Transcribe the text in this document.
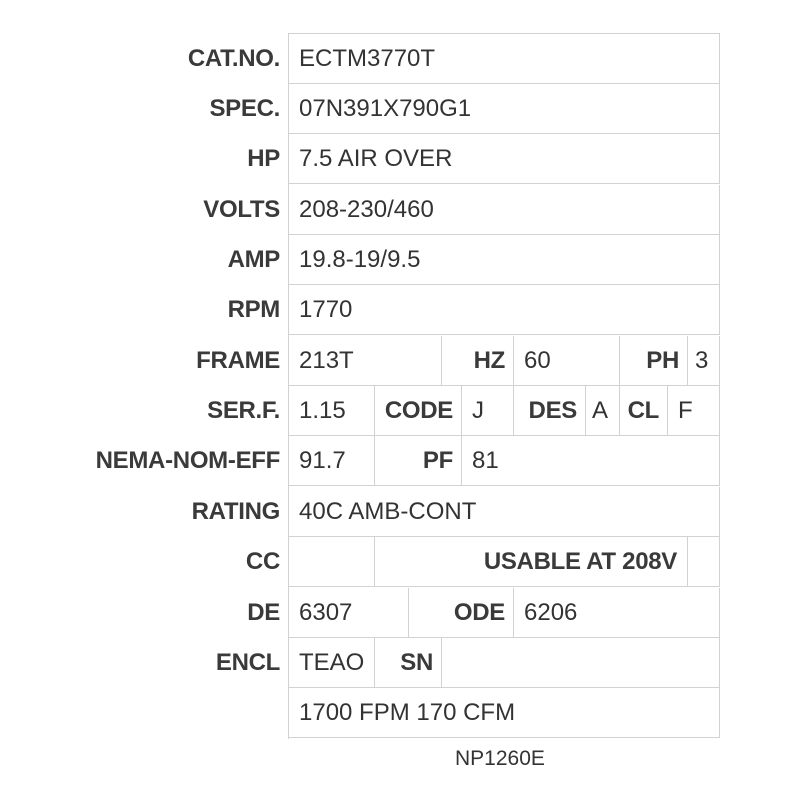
CAT.NO. ECTM3770T
SPEC. 07N391X790G1
HP 7.5 AIR OVER
VOLTS 208-230/460
AMP 19.8-19/9.5
RPM 1770
FRAME 213T	HZ 60	PH 3
SER.F. 1.15	CODE J	DES A CL F
NEMA-NOM-EFF 91.7	PF 81
RATING 40C AMB-CONT
CC	USABLE AT 208V
DE 6307	ODE 6206
ENCL TEAO	SN
1700 FPM 170 CFM
NP1260E
